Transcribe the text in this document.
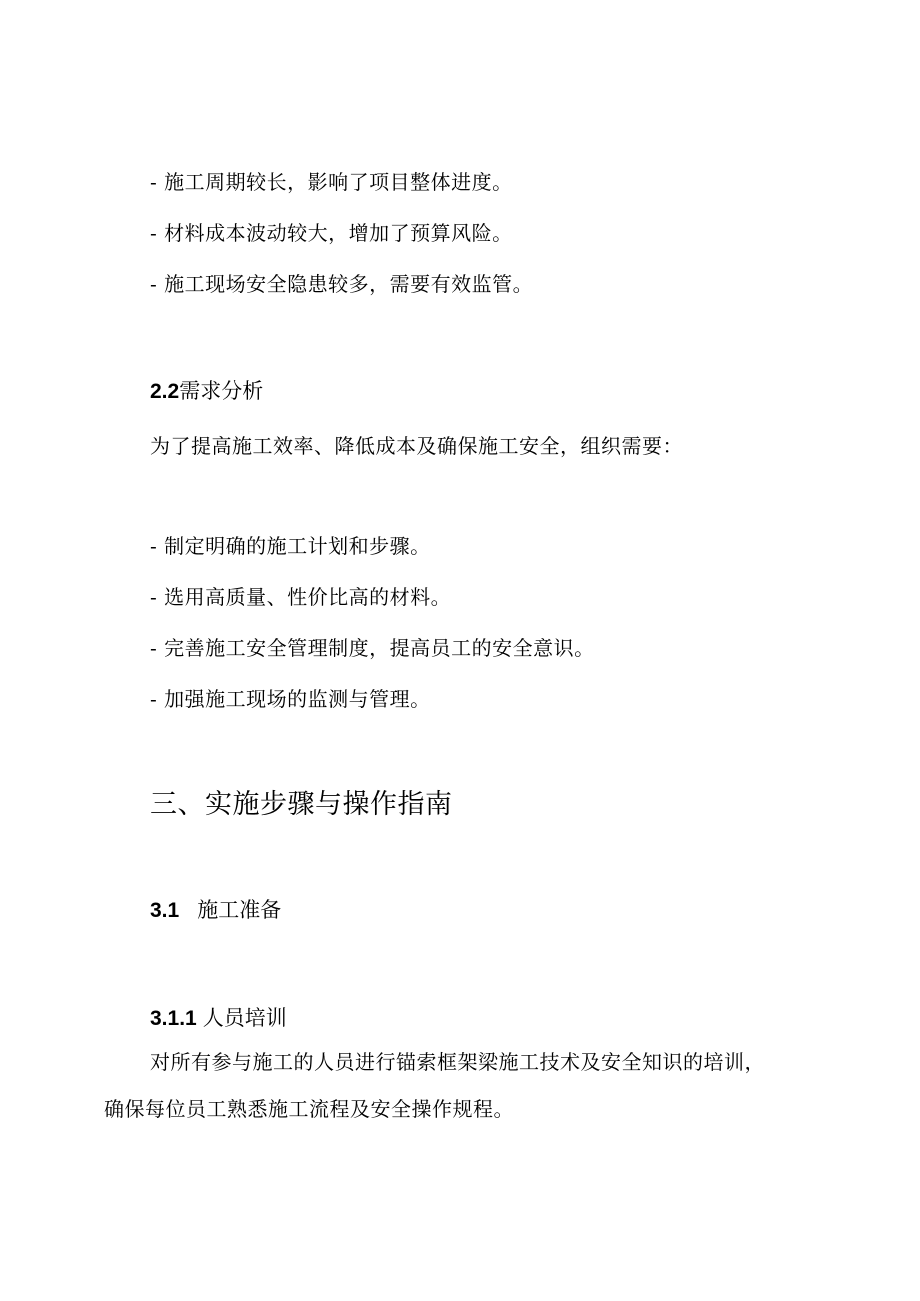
- 施工周期较长，影响了项目整体进度。
- 材料成本波动较大，增加了预算风险。
- 施工现场安全隐患较多，需要有效监管。
2.2需求分析
为了提高施工效率、降低成本及确保施工安全，组织需要：
- 制定明确的施工计划和步骤。
- 选用高质量、性价比高的材料。
- 完善施工安全管理制度，提高员工的安全意识。
- 加强施工现场的监测与管理。
三、实施步骤与操作指南
3.1 施工准备
3.1.1 人员培训
对所有参与施工的人员进行锚索框架梁施工技术及安全知识的培训，
确保每位员工熟悉施工流程及安全操作规程。
